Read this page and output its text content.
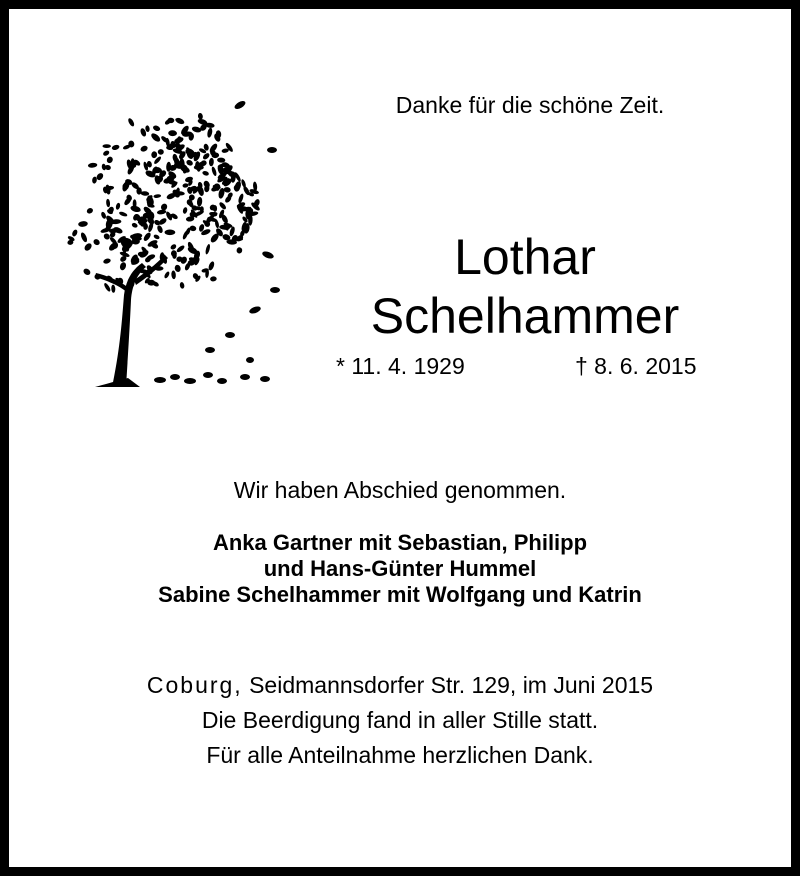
Danke für die schöne Zeit.
Lothar
Schelhammer
* 11. 4. 1929	† 8. 6. 2015
Wir haben Abschied genommen.
Anka Gartner mit Sebastian, Philipp
und Hans-Günter Hummel
Sabine Schelhammer mit Wolfgang und Katrin
Coburg, Seidmannsdorfer Str. 129, im Juni 2015
Die Beerdigung fand in aller Stille statt.
Für alle Anteilnahme herzlichen Dank.
